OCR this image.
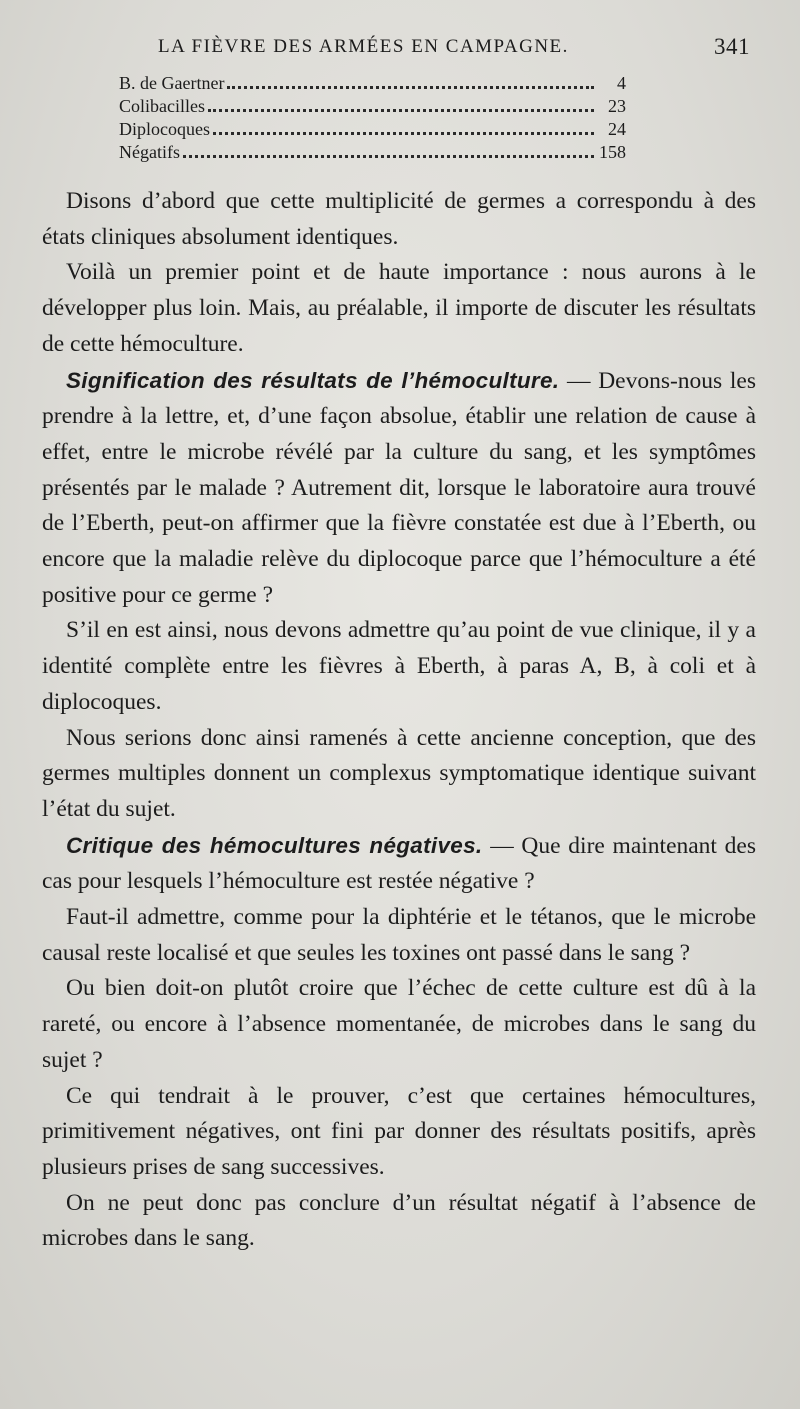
LA FIÈVRE DES ARMÉES EN CAMPAGNE.	341
B. de Gaertner	4
Colibacilles	23
Diplocoques	24
Négatifs	158

Disons d’abord que cette multiplicité de germes a correspondu à des états cliniques absolument identiques.

Voilà un premier point et de haute importance : nous aurons à le développer plus loin. Mais, au préalable, il importe de discuter les résultats de cette hémoculture.

Signification des résultats de l’hémoculture. — Devons-nous les prendre à la lettre, et, d’une façon absolue, établir une relation de cause à effet, entre le microbe révélé par la culture du sang, et les symptômes présentés par le malade ? Autrement dit, lorsque le laboratoire aura trouvé de l’Eberth, peut-on affirmer que la fièvre constatée est due à l’Eberth, ou encore que la maladie relève du diplocoque parce que l’hémoculture a été positive pour ce germe ?

S’il en est ainsi, nous devons admettre qu’au point de vue clinique, il y a identité complète entre les fièvres à Eberth, à paras A, B, à coli et à diplocoques.

Nous serions donc ainsi ramenés à cette ancienne conception, que des germes multiples donnent un complexus symptomatique identique suivant l’état du sujet.

Critique des hémocultures négatives. — Que dire maintenant des cas pour lesquels l’hémoculture est restée négative ?

Faut-il admettre, comme pour la diphtérie et le tétanos, que le microbe causal reste localisé et que seules les toxines ont passé dans le sang ?

Ou bien doit-on plutôt croire que l’échec de cette culture est dû à la rareté, ou encore à l’absence momentanée, de microbes dans le sang du sujet ?

Ce qui tendrait à le prouver, c’est que certaines hémocultures, primitivement négatives, ont fini par donner des résultats positifs, après plusieurs prises de sang successives.

On ne peut donc pas conclure d’un résultat négatif à l’absence de microbes dans le sang.
